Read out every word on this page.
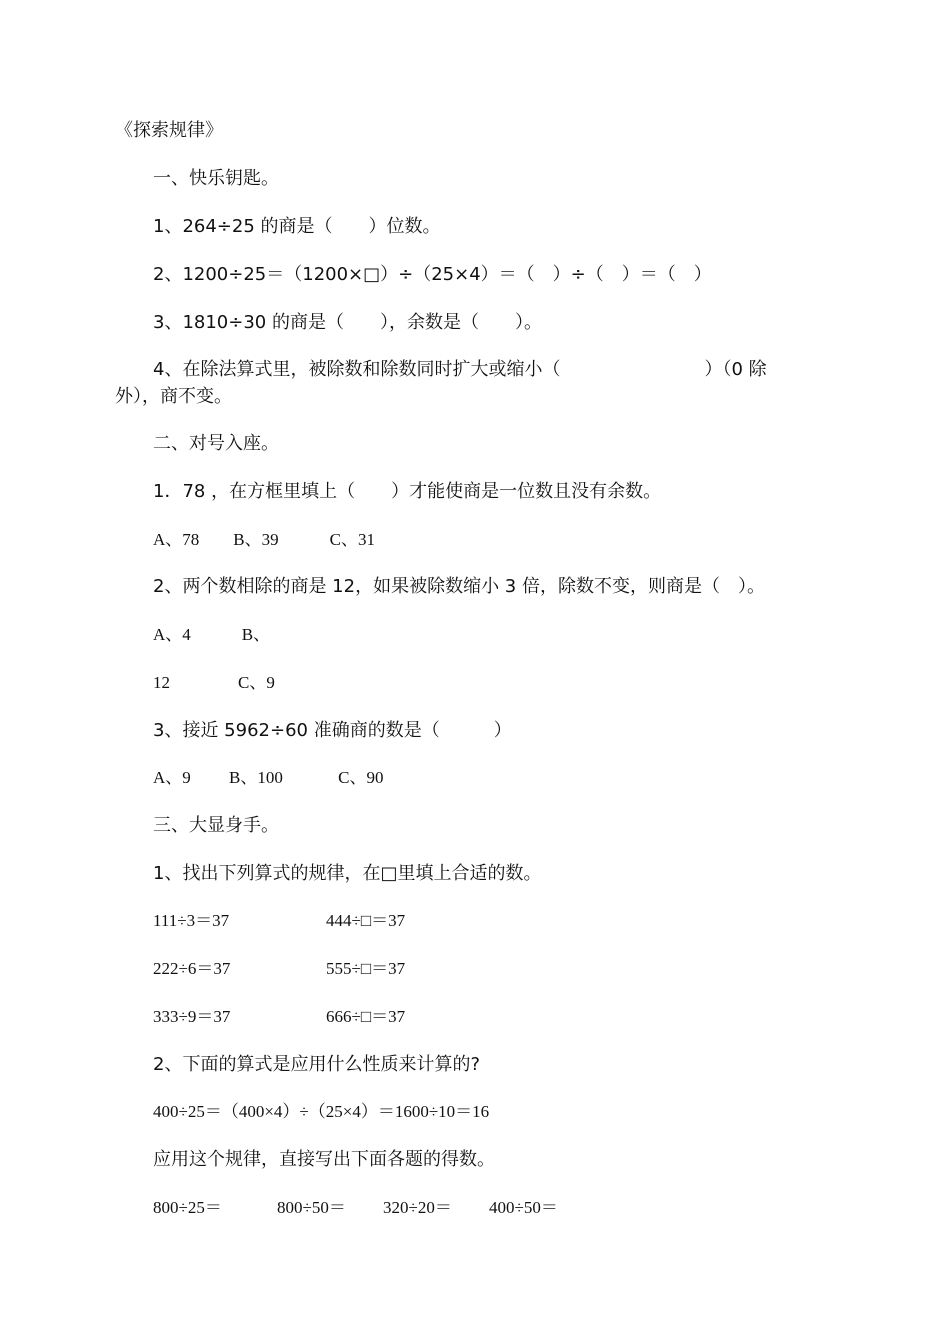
《探索规律》
一、快乐钥匙。
1、264÷25 的商是（　　）位数。
2、1200÷25＝（1200×□）÷（25×4）＝（　）÷（　）＝（　）
3、1810÷30 的商是（　　），余数是（　　）。
4、在除法算式里，被除数和除数同时扩大或缩小（　　　　　　　　）（0 除
外），商不变。
二、对号入座。
1．78 ，在方框里填上（　　）才能使商是一位数且没有余数。
A、78　　B、39　　　C、31
2、两个数相除的商是 12，如果被除数缩小 3 倍，除数不变，则商是（　）。
A、4　　　B、
12　　　　C、9
3、接近 5962÷60 准确商的数是（　　　）
A、9　　 B、100　　　 C、90
三、大显身手。
1、找出下列算式的规律，在□里填上合适的数。
111÷3＝37	444÷□＝37
222÷6＝37	555÷□＝37
333÷9＝37	666÷□＝37
2、下面的算式是应用什么性质来计算的?
400÷25＝（400×4）÷（25×4）＝1600÷10＝16
应用这个规律，直接写出下面各题的得数。
800÷25＝	800÷50＝ 320÷20＝ 400÷50＝
